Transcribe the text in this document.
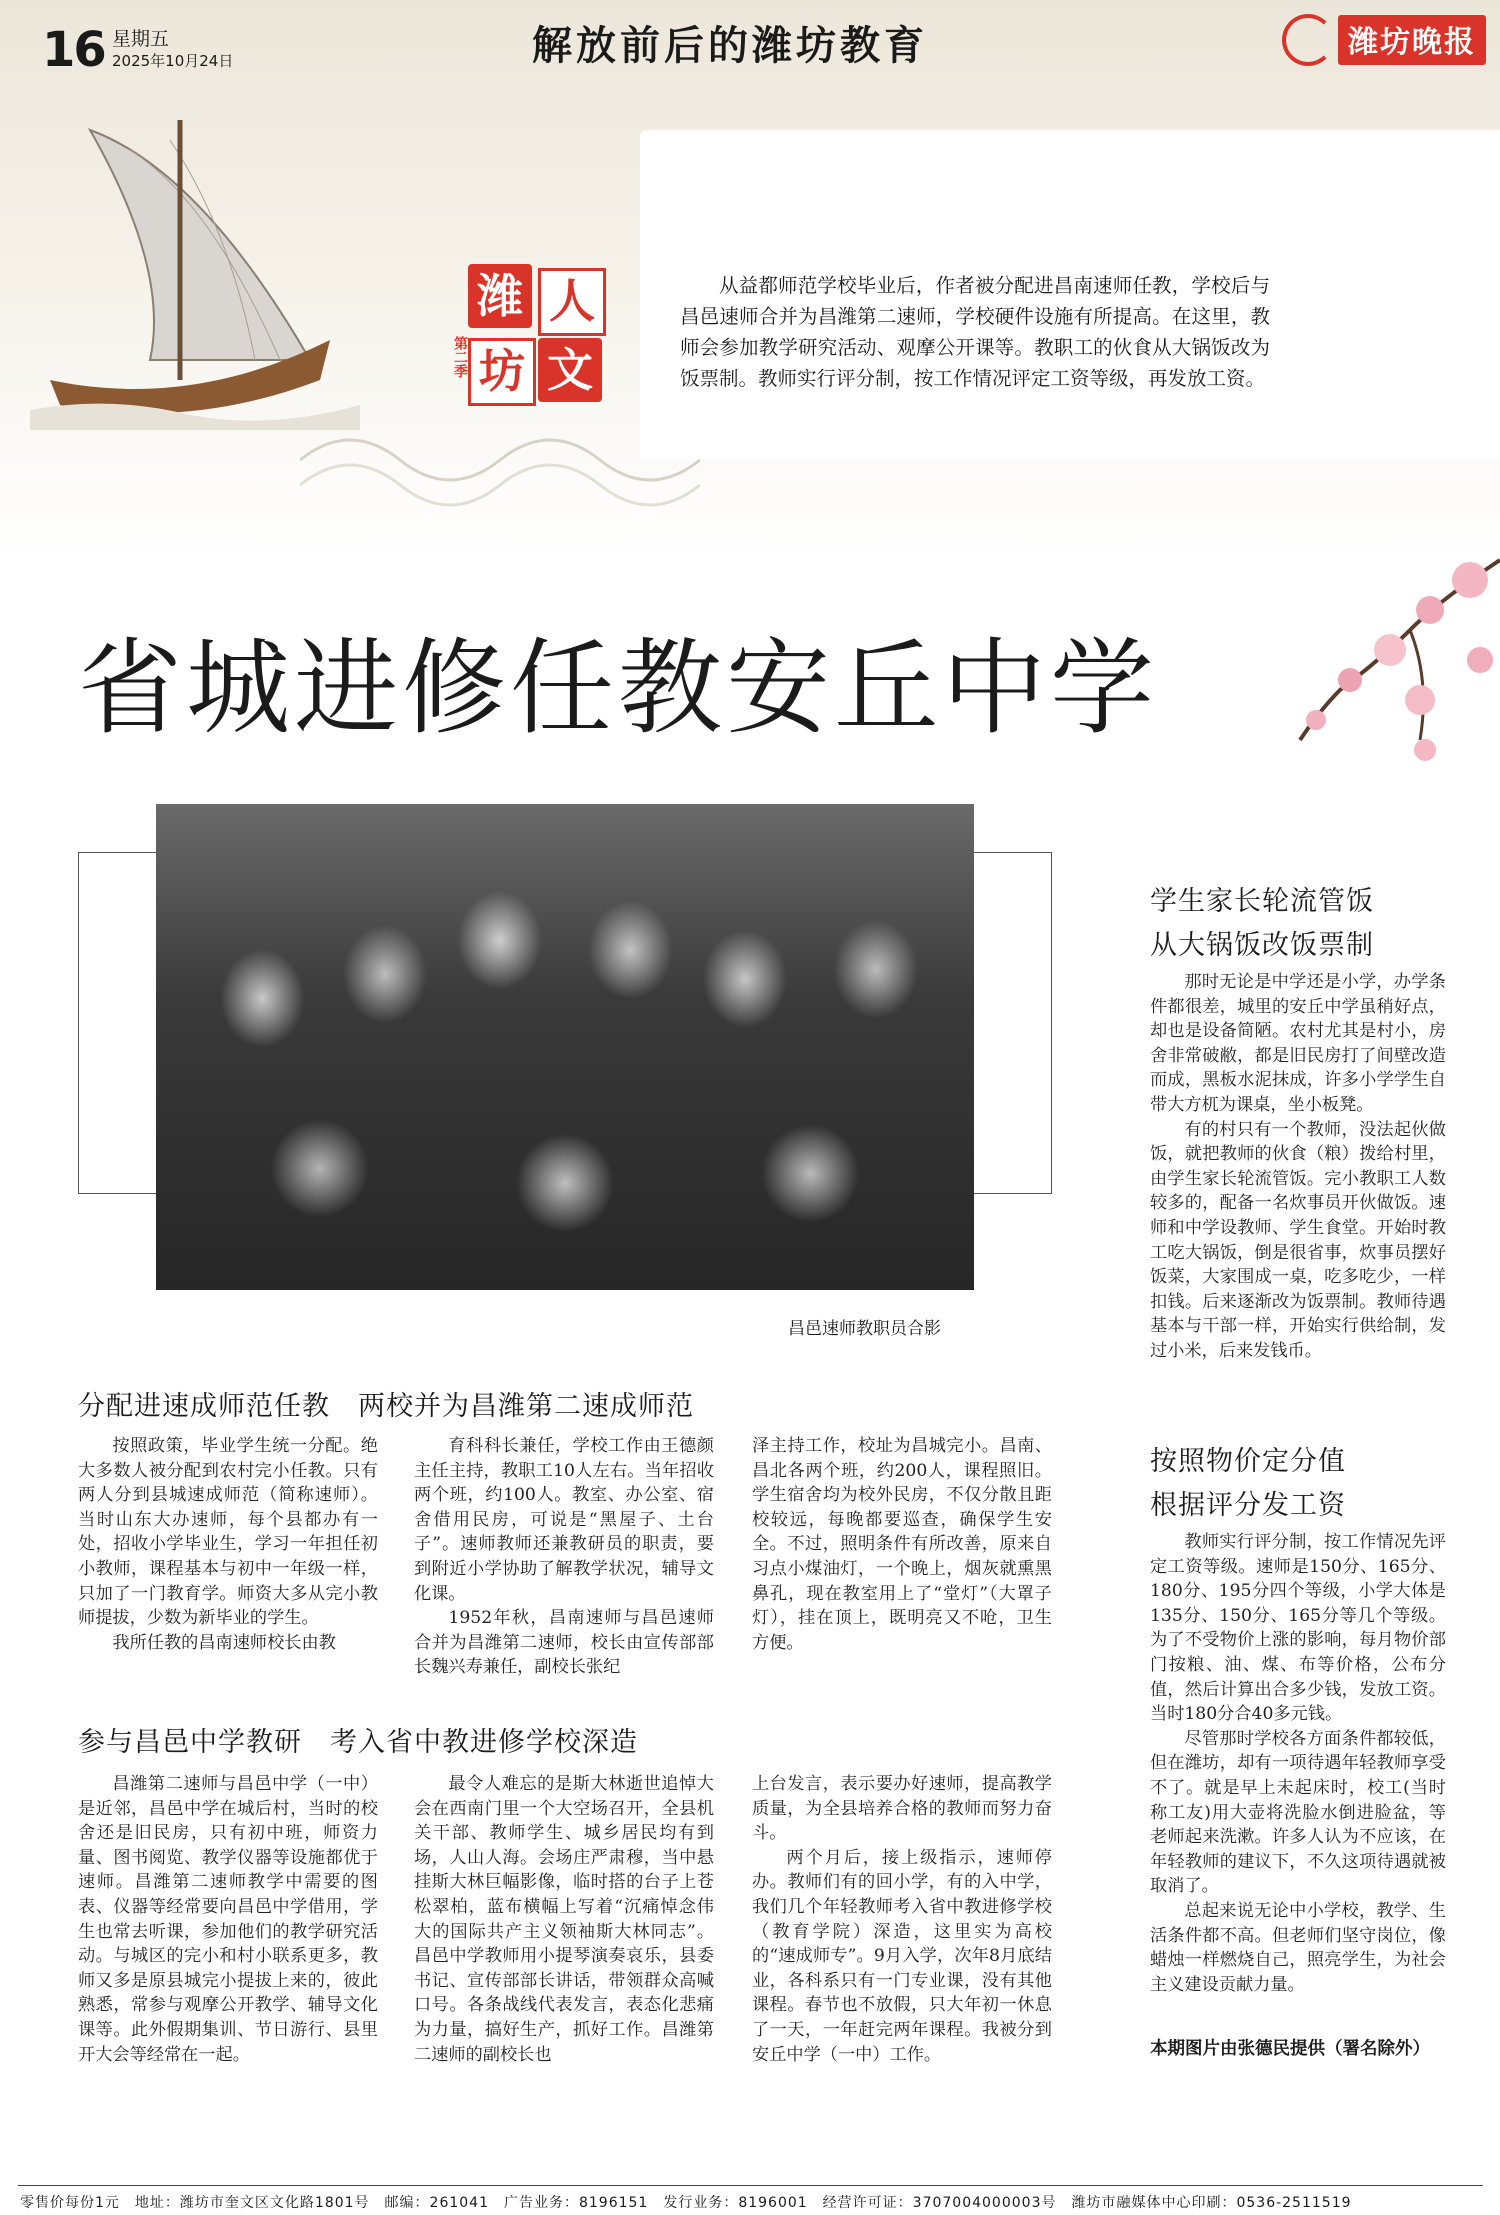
16 星期五
2025年10月24日	解放前后的潍坊教育	潍坊晚报
潍 人
坊 文
第二季
从益都师范学校毕业后，作者被分配进昌南速师任教，学校后与昌邑速师合并为昌潍第二速师，学校硬件设施有所提高。在这里，教师会参加教学研究活动、观摩公开课等。教职工的伙食从大锅饭改为饭票制。教师实行评分制，按工作情况评定工资等级，再发放工资。
省城进修任教安丘中学
昌邑速师教职员合影
学生家长轮流管饭
从大锅饭改饭票制

那时无论是中学还是小学，办学条件都很差，城里的安丘中学虽稍好点，却也是设备简陋。农村尤其是村小，房舍非常破敝，都是旧民房打了间壁改造而成，黑板水泥抹成，许多小学学生自带大方杌为课桌，坐小板凳。

有的村只有一个教师，没法起伙做饭，就把教师的伙食（粮）拨给村里，由学生家长轮流管饭。完小教职工人数较多的，配备一名炊事员开伙做饭。速师和中学设教师、学生食堂。开始时教工吃大锅饭，倒是很省事，炊事员摆好饭菜，大家围成一桌，吃多吃少，一样扣钱。后来逐渐改为饭票制。教师待遇基本与干部一样，开始实行供给制，发过小米，后来发钱币。

按照物价定分值
根据评分发工资

教师实行评分制，按工作情况先评定工资等级。速师是150分、165分、180分、195分四个等级，小学大体是135分、150分、165分等几个等级。为了不受物价上涨的影响，每月物价部门按粮、油、煤、布等价格，公布分值，然后计算出合多少钱，发放工资。当时180分合40多元钱。

尽管那时学校各方面条件都较低，但在潍坊，却有一项待遇年轻教师享受不了。就是早上未起床时，校工(当时称工友)用大壶将洗脸水倒进脸盆，等老师起来洗漱。许多人认为不应该，在年轻教师的建议下，不久这项待遇就被取消了。

总起来说无论中小学校，教学、生活条件都不高。但老师们坚守岗位，像蜡烛一样燃烧自己，照亮学生，为社会主义建设贡献力量。

本期图片由张德民提供（署名除外）
分配进速成师范任教　两校并为昌潍第二速成师范

按照政策，毕业学生统一分配。绝大多数人被分配到农村完小任教。只有两人分到县城速成师范（简称速师）。当时山东大办速师，每个县都办有一处，招收小学毕业生，学习一年担任初小教师，课程基本与初中一年级一样，只加了一门教育学。师资大多从完小教师提拔，少数为新毕业的学生。

我所任教的昌南速师校长由教

育科科长兼任，学校工作由王德颜主任主持，教职工10人左右。当年招收两个班，约100人。教室、办公室、宿舍借用民房，可说是“黑屋子、土台子”。速师教师还兼教研员的职责，要到附近小学协助了解教学状况，辅导文化课。

1952年秋，昌南速师与昌邑速师合并为昌潍第二速师，校长由宣传部部长魏兴寿兼任，副校长张纪

泽主持工作，校址为昌城完小。昌南、昌北各两个班，约200人，课程照旧。学生宿舍均为校外民房，不仅分散且距校较远，每晚都要巡查，确保学生安全。不过，照明条件有所改善，原来自习点小煤油灯，一个晚上，烟灰就熏黑鼻孔，现在教室用上了“堂灯”（大罩子灯），挂在顶上，既明亮又不呛，卫生方便。

参与昌邑中学教研　考入省中教进修学校深造

昌潍第二速师与昌邑中学（一中）是近邻，昌邑中学在城后村，当时的校舍还是旧民房，只有初中班，师资力量、图书阅览、教学仪器等设施都优于速师。昌潍第二速师教学中需要的图表、仪器等经常要向昌邑中学借用，学生也常去听课，参加他们的教学研究活动。与城区的完小和村小联系更多，教师又多是原县城完小提拔上来的，彼此熟悉，常参与观摩公开教学、辅导文化课等。此外假期集训、节日游行、县里开大会等经常在一起。

最令人难忘的是斯大林逝世追悼大会在西南门里一个大空场召开，全县机关干部、教师学生、城乡居民均有到场，人山人海。会场庄严肃穆，当中悬挂斯大林巨幅影像，临时搭的台子上苍松翠柏，蓝布横幅上写着“沉痛悼念伟大的国际共产主义领袖斯大林同志”。昌邑中学教师用小提琴演奏哀乐，县委书记、宣传部部长讲话，带领群众高喊口号。各条战线代表发言，表态化悲痛为力量，搞好生产，抓好工作。昌潍第二速师的副校长也

上台发言，表示要办好速师，提高教学质量，为全县培养合格的教师而努力奋斗。

两个月后，接上级指示，速师停办。教师们有的回小学，有的入中学，我们几个年轻教师考入省中教进修学校（教育学院）深造，这里实为高校的“速成师专”。9月入学，次年8月底结业，各科系只有一门专业课，没有其他课程。春节也不放假，只大年初一休息了一天，一年赶完两年课程。我被分到安丘中学（一中）工作。

零售价每份1元　地址：潍坊市奎文区文化路1801号　邮编：261041　广告业务：8196151　发行业务：8196001　经营许可证：3707004000003号　潍坊市融媒体中心印刷：0536-2511519
